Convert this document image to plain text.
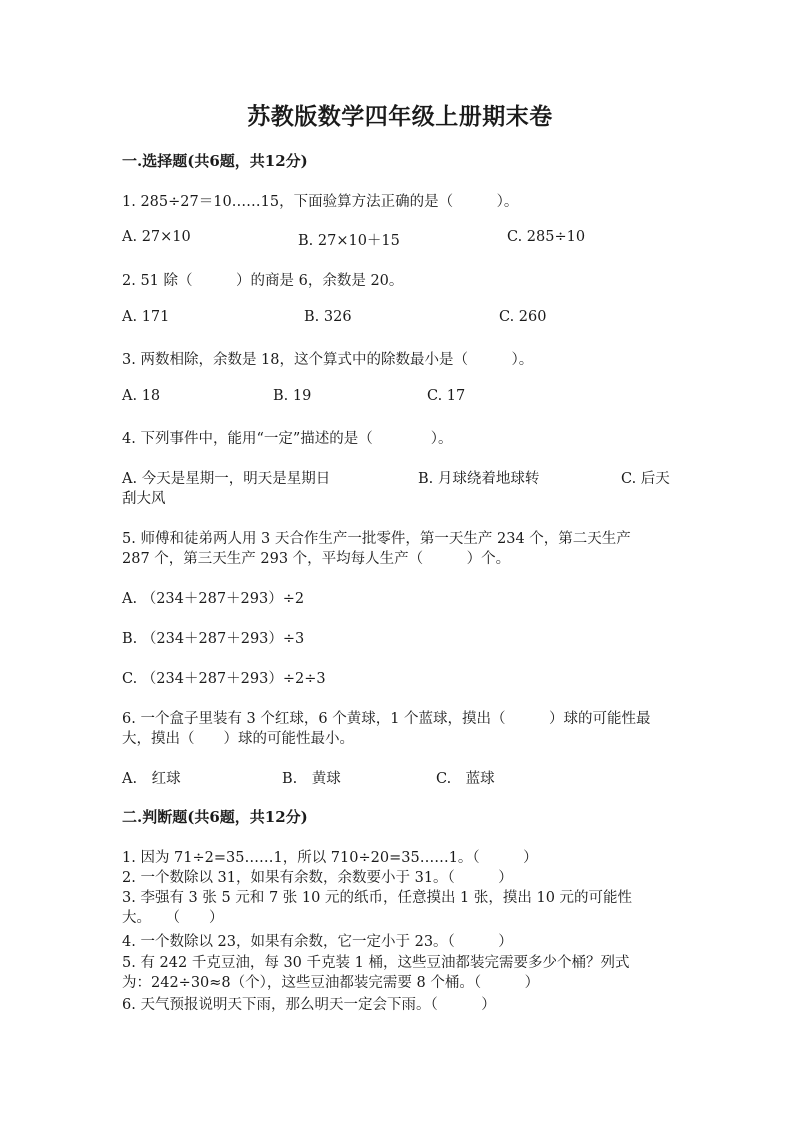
苏教版数学四年级上册期末卷
一.选择题(共6题，共12分)
1. 285÷27＝10……15，下面验算方法正确的是（　　　）。
A. 27×10	B. 27×10＋15	C. 285÷10
2. 51 除（　　　）的商是 6，余数是 20。
A. 171	B. 326	C. 260
3. 两数相除，余数是 18，这个算式中的除数最小是（　　　）。
A. 18	B. 19	C. 17
4. 下列事件中，能用“一定”描述的是（　　　　）。
A. 今天是星期一，明天是星期日	B. 月球绕着地球转	C. 后天
刮大风
5. 师傅和徒弟两人用 3 天合作生产一批零件，第一天生产 234 个，第二天生产
287 个，第三天生产 293 个，平均每人生产（　　　）个。
A. （234＋287＋293）÷2
B. （234＋287＋293）÷3
C. （234＋287＋293）÷2÷3
6. 一个盒子里装有 3 个红球，6 个黄球，1 个蓝球，摸出（　　　）球的可能性最
大，摸出（　　）球的可能性最小。
A.　红球	B.　黄球	C.　蓝球
二.判断题(共6题，共12分)
1. 因为 71÷2=35……1，所以 710÷20=35……1。（　　　）
2. 一个数除以 31，如果有余数，余数要小于 31。（　　　）
3. 李强有 3 张 5 元和 7 张 10 元的纸币，任意摸出 1 张，摸出 10 元的可能性
大。　　（　　）
4. 一个数除以 23，如果有余数，它一定小于 23。（　　　）
5. 有 242 千克豆油，每 30 千克装 1 桶，这些豆油都装完需要多少个桶？列式
为：242÷30≈8（个），这些豆油都装完需要 8 个桶。（　　　）
6. 天气预报说明天下雨，那么明天一定会下雨。（　　　）
